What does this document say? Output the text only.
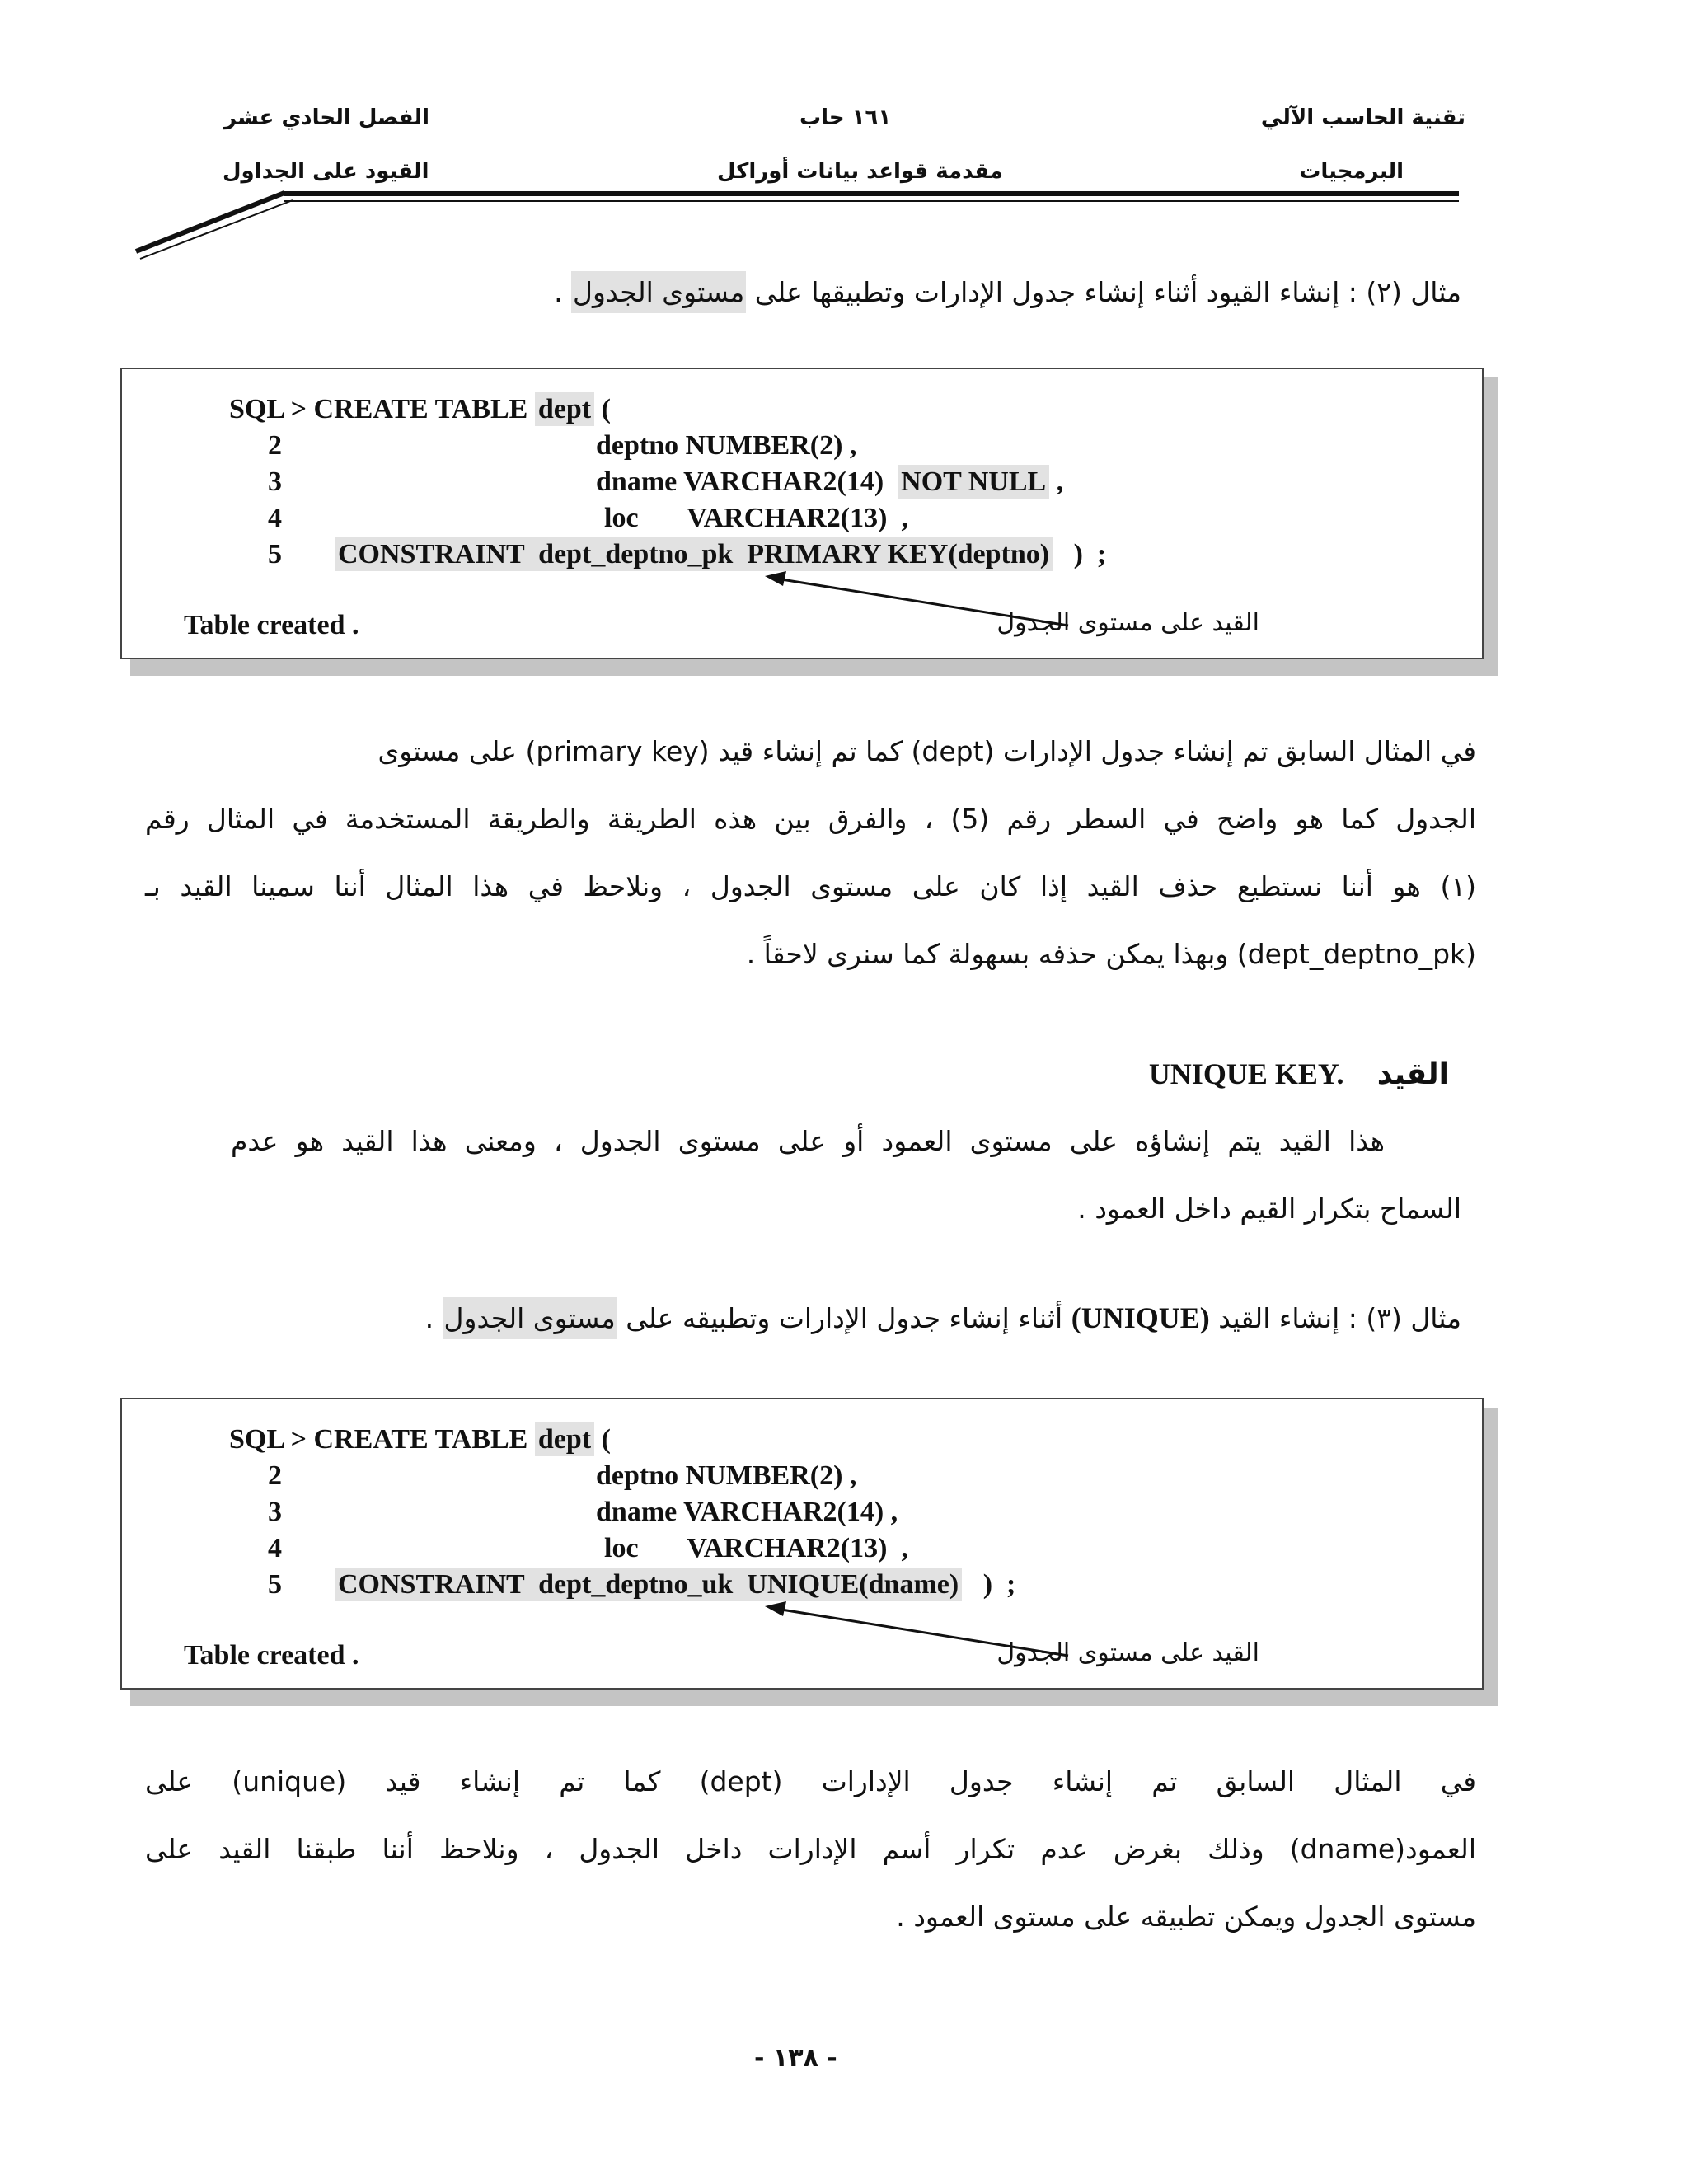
تقنية الحاسب الآلي
البرمجيات
١٦١ حاب
مقدمة قواعد بيانات أوراكل
الفصل الحادي عشر
القيود على الجداول
مثال (٢) : إنشاء القيود أثناء إنشاء جدول الإدارات وتطبيقها على مستوى الجدول .
SQL > CREATE TABLE dept (
2	deptno NUMBER(2) ,
3	dname VARCHAR2(14)  NOT NULL ,
4	loc       VARCHAR2(13)  ,
5 CONSTRAINT  dept_deptno_pk  PRIMARY KEY(deptno)   )  ;
Table created .	القيد على مستوى الجدول
في المثال السابق تم إنشاء جدول الإدارات (dept) كما تم إنشاء قيد (primary key) على مستوى
الجدول كما هو واضح في السطر رقم (5) ، والفرق بين هذه الطريقة والطريقة المستخدمة في المثال رقم
(١) هو أننا نستطيع حذف القيد إذا كان على مستوى الجدول ، ونلاحظ في هذا المثال أننا سمينا القيد بـ
(dept_deptno_pk) وبهذا يمكن حذفه بسهولة كما سنرى لاحقاً .
القيد  UNIQUE KEY.
هذا القيد يتم إنشاؤه على مستوى العمود أو على مستوى الجدول ، ومعنى هذا القيد هو عدم
السماح بتكرار القيم داخل العمود .
مثال (٣) : إنشاء القيد (UNIQUE) أثناء إنشاء جدول الإدارات وتطبيقه على مستوى الجدول .
SQL > CREATE TABLE dept (
2	deptno NUMBER(2) ,
3	dname VARCHAR2(14) ,
4	loc       VARCHAR2(13)  ,
5 CONSTRAINT  dept_deptno_uk  UNIQUE(dname)   )  ;
Table created .	القيد على مستوى الجدول
في المثال السابق تم إنشاء جدول الإدارات (dept) كما تم إنشاء قيد (unique) على
العمود(dname) وذلك بغرض عدم تكرار أسم الإدارات داخل الجدول ، ونلاحظ أننا طبقنا القيد على
مستوى الجدول ويمكن تطبيقه على مستوى العمود .
- ١٣٨ -
